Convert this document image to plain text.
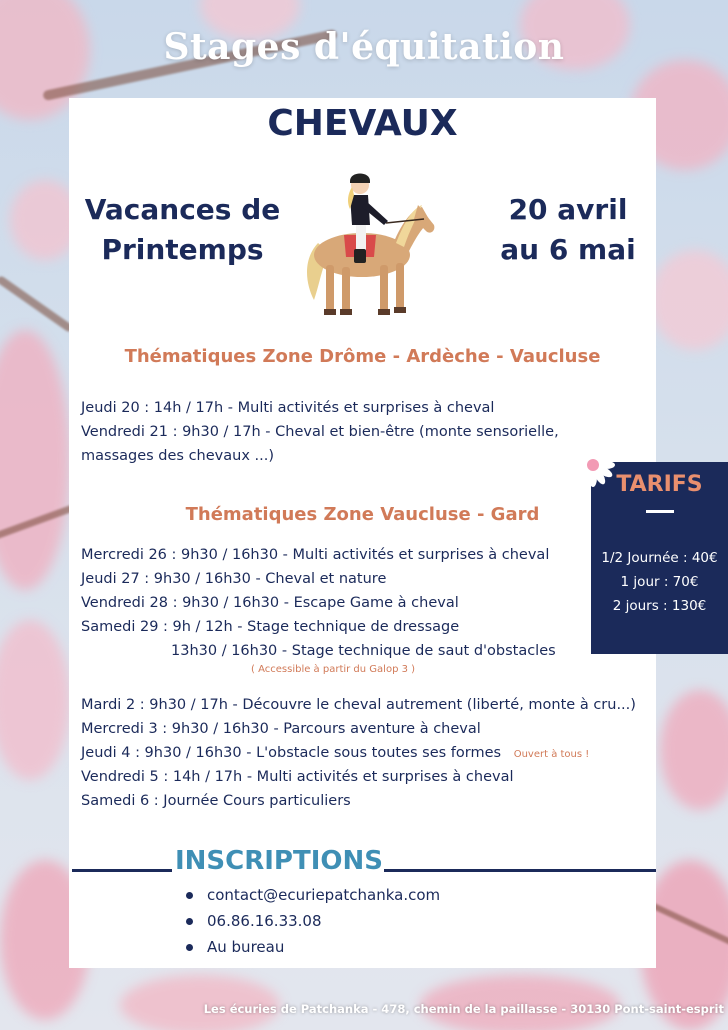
Stages d'équitation
CHEVAUX
Vacances de
Printemps
20 avril
au 6 mai
Thématiques Zone Drôme - Ardèche - Vaucluse
Jeudi 20 : 14h / 17h - Multi activités et surprises à cheval
Vendredi 21 : 9h30 / 17h - Cheval et bien-être (monte sensorielle,
massages des chevaux ...)
Thématiques Zone Vaucluse - Gard
Mercredi 26 : 9h30 / 16h30 - Multi activités et surprises à cheval
Jeudi 27 : 9h30 / 16h30 - Cheval et nature
Vendredi 28 : 9h30 / 16h30 - Escape Game à cheval
Samedi 29 : 9h / 12h - Stage technique de dressage
13h30 / 16h30 - Stage technique de saut d'obstacles
( Accessible à partir du Galop 3 )
Mardi 2 : 9h30 / 17h - Découvre le cheval autrement (liberté, monte à cru...)
Mercredi 3 : 9h30 / 16h30 - Parcours aventure à cheval
Jeudi 4 : 9h30 / 16h30 - L'obstacle sous toutes ses formes Ouvert à tous !
Vendredi 5 : 14h / 17h - Multi activités et surprises à cheval
Samedi 6 : Journée Cours particuliers
INSCRIPTIONS
contact@ecuriepatchanka.com
06.86.16.33.08
Au bureau
TARIFS
1/2 Journée : 40€
1 jour : 70€
2 jours : 130€
Les écuries de Patchanka - 478, chemin de la paillasse - 30130 Pont-saint-esprit
